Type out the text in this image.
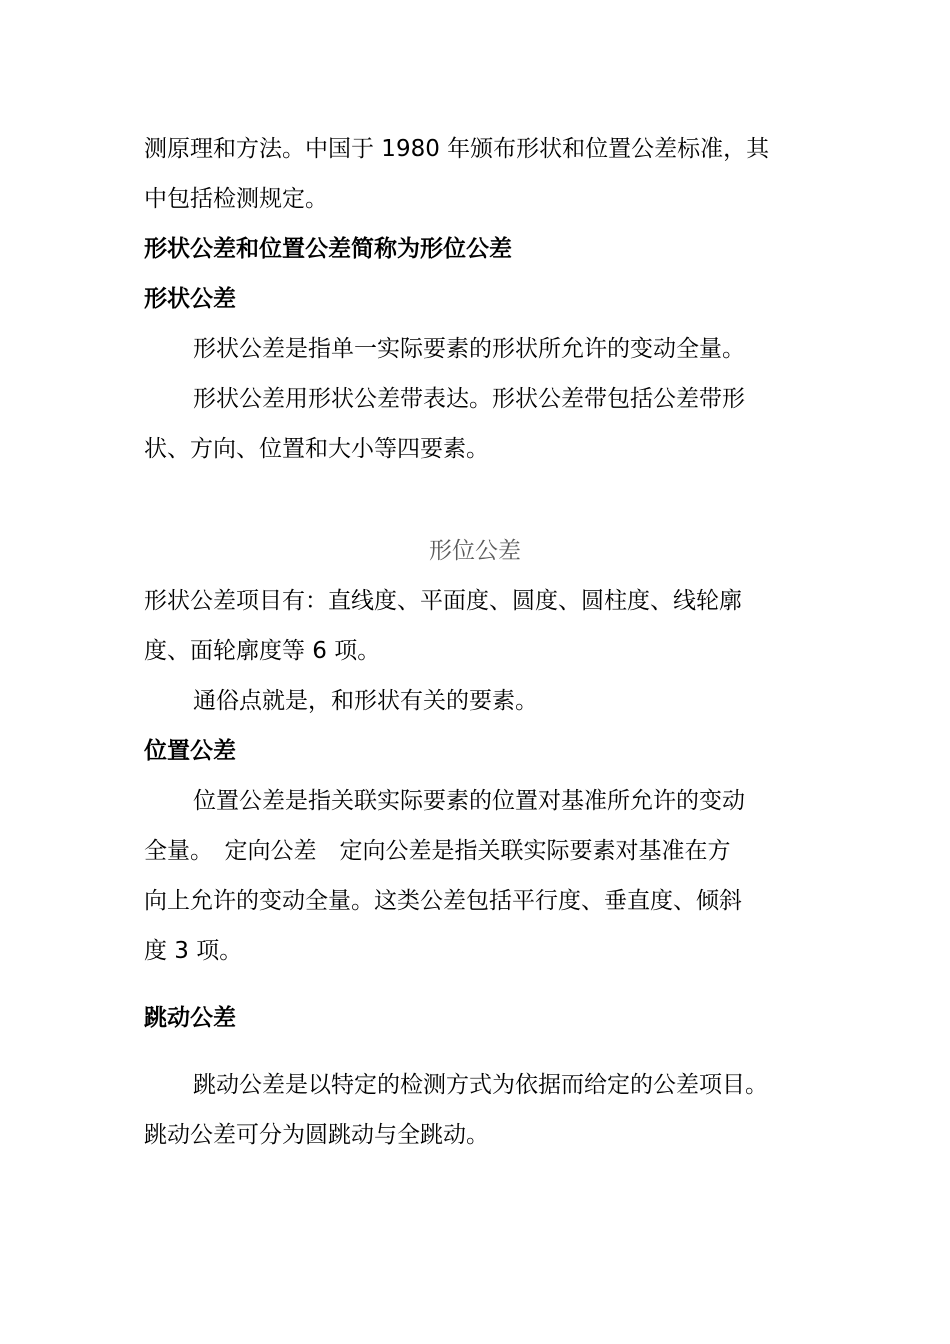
测原理和方法。中国于 1980 年颁布形状和位置公差标准，其
中包括检测规定。
形状公差和位置公差简称为形位公差
形状公差
形状公差是指单一实际要素的形状所允许的变动全量。
形状公差用形状公差带表达。形状公差带包括公差带形
状、方向、位置和大小等四要素。
形位公差
形状公差项目有：直线度、平面度、圆度、圆柱度、线轮廓
度、面轮廓度等 6 项。
通俗点就是，和形状有关的要素。
位置公差
位置公差是指关联实际要素的位置对基准所允许的变动
全量。　定向公差　定向公差是指关联实际要素对基准在方
向上允许的变动全量。这类公差包括平行度、垂直度、倾斜
度 3 项。
跳动公差
跳动公差是以特定的检测方式为依据而给定的公差项目。
跳动公差可分为圆跳动与全跳动。
